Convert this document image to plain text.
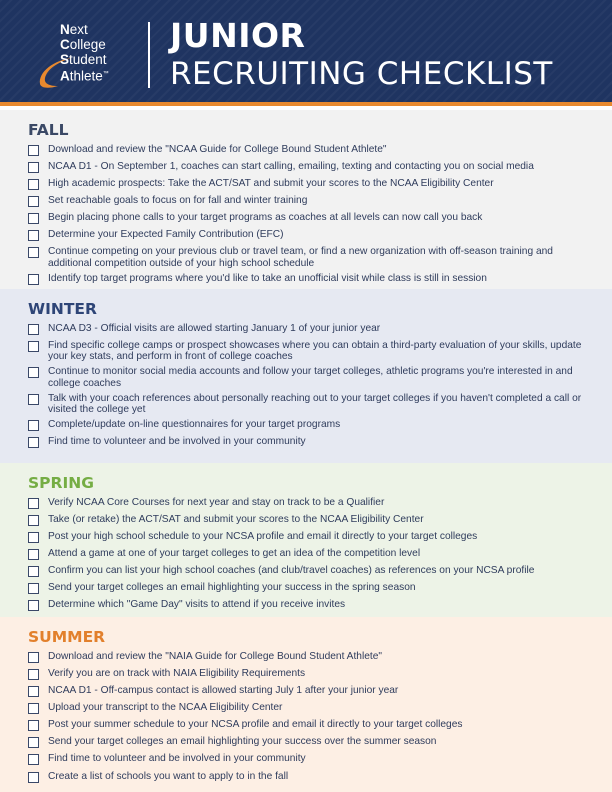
Next
College
Student
Athlete™
JUNIOR
RECRUITING CHECKLIST
FALL
Download and review the "NCAA Guide for College Bound Student Athlete"
NCAA D1 - On September 1, coaches can start calling, emailing, texting and contacting you on social media
High academic prospects: Take the ACT/SAT and submit your scores to the NCAA Eligibility Center
Set reachable goals to focus on for fall and winter training
Begin placing phone calls to your target programs as coaches at all levels can now call you back
Determine your Expected Family Contribution (EFC)
Continue competing on your previous club or travel team, or find a new organization with off-season training and additional competition outside of your high school schedule
Identify top target programs where you'd like to take an unofficial visit while class is still in session
WINTER
NCAA D3 - Official visits are allowed starting January 1 of your junior year
Find specific college camps or prospect showcases where you can obtain a third-party evaluation of your skills, update your key stats, and perform in front of college coaches
Continue to monitor social media accounts and follow your target colleges, athletic programs you're interested in and college coaches
Talk with your coach references about personally reaching out to your target colleges if you haven't completed a call or visited the college yet
Complete/update on-line questionnaires for your target programs
Find time to volunteer and be involved in your community
SPRING
Verify NCAA Core Courses for next year and stay on track to be a Qualifier
Take (or retake) the ACT/SAT and submit your scores to the NCAA Eligibility Center
Post your high school schedule to your NCSA profile and email it directly to your target colleges
Attend a game at one of your target colleges to get an idea of the competition level
Confirm you can list your high school coaches (and club/travel coaches) as references on your NCSA profile
Send your target colleges an email highlighting your success in the spring season
Determine which "Game Day" visits to attend if you receive invites
SUMMER
Download and review the "NAIA Guide for College Bound Student Athlete"
Verify you are on track with NAIA Eligibility Requirements
NCAA D1 - Off-campus contact is allowed starting July 1 after your junior year
Upload your transcript to the NCAA Eligibility Center
Post your summer schedule to your NCSA profile and email it directly to your target colleges
Send your target colleges an email highlighting your success over the summer season
Find time to volunteer and be involved in your community
Create a list of schools you want to apply to in the fall
